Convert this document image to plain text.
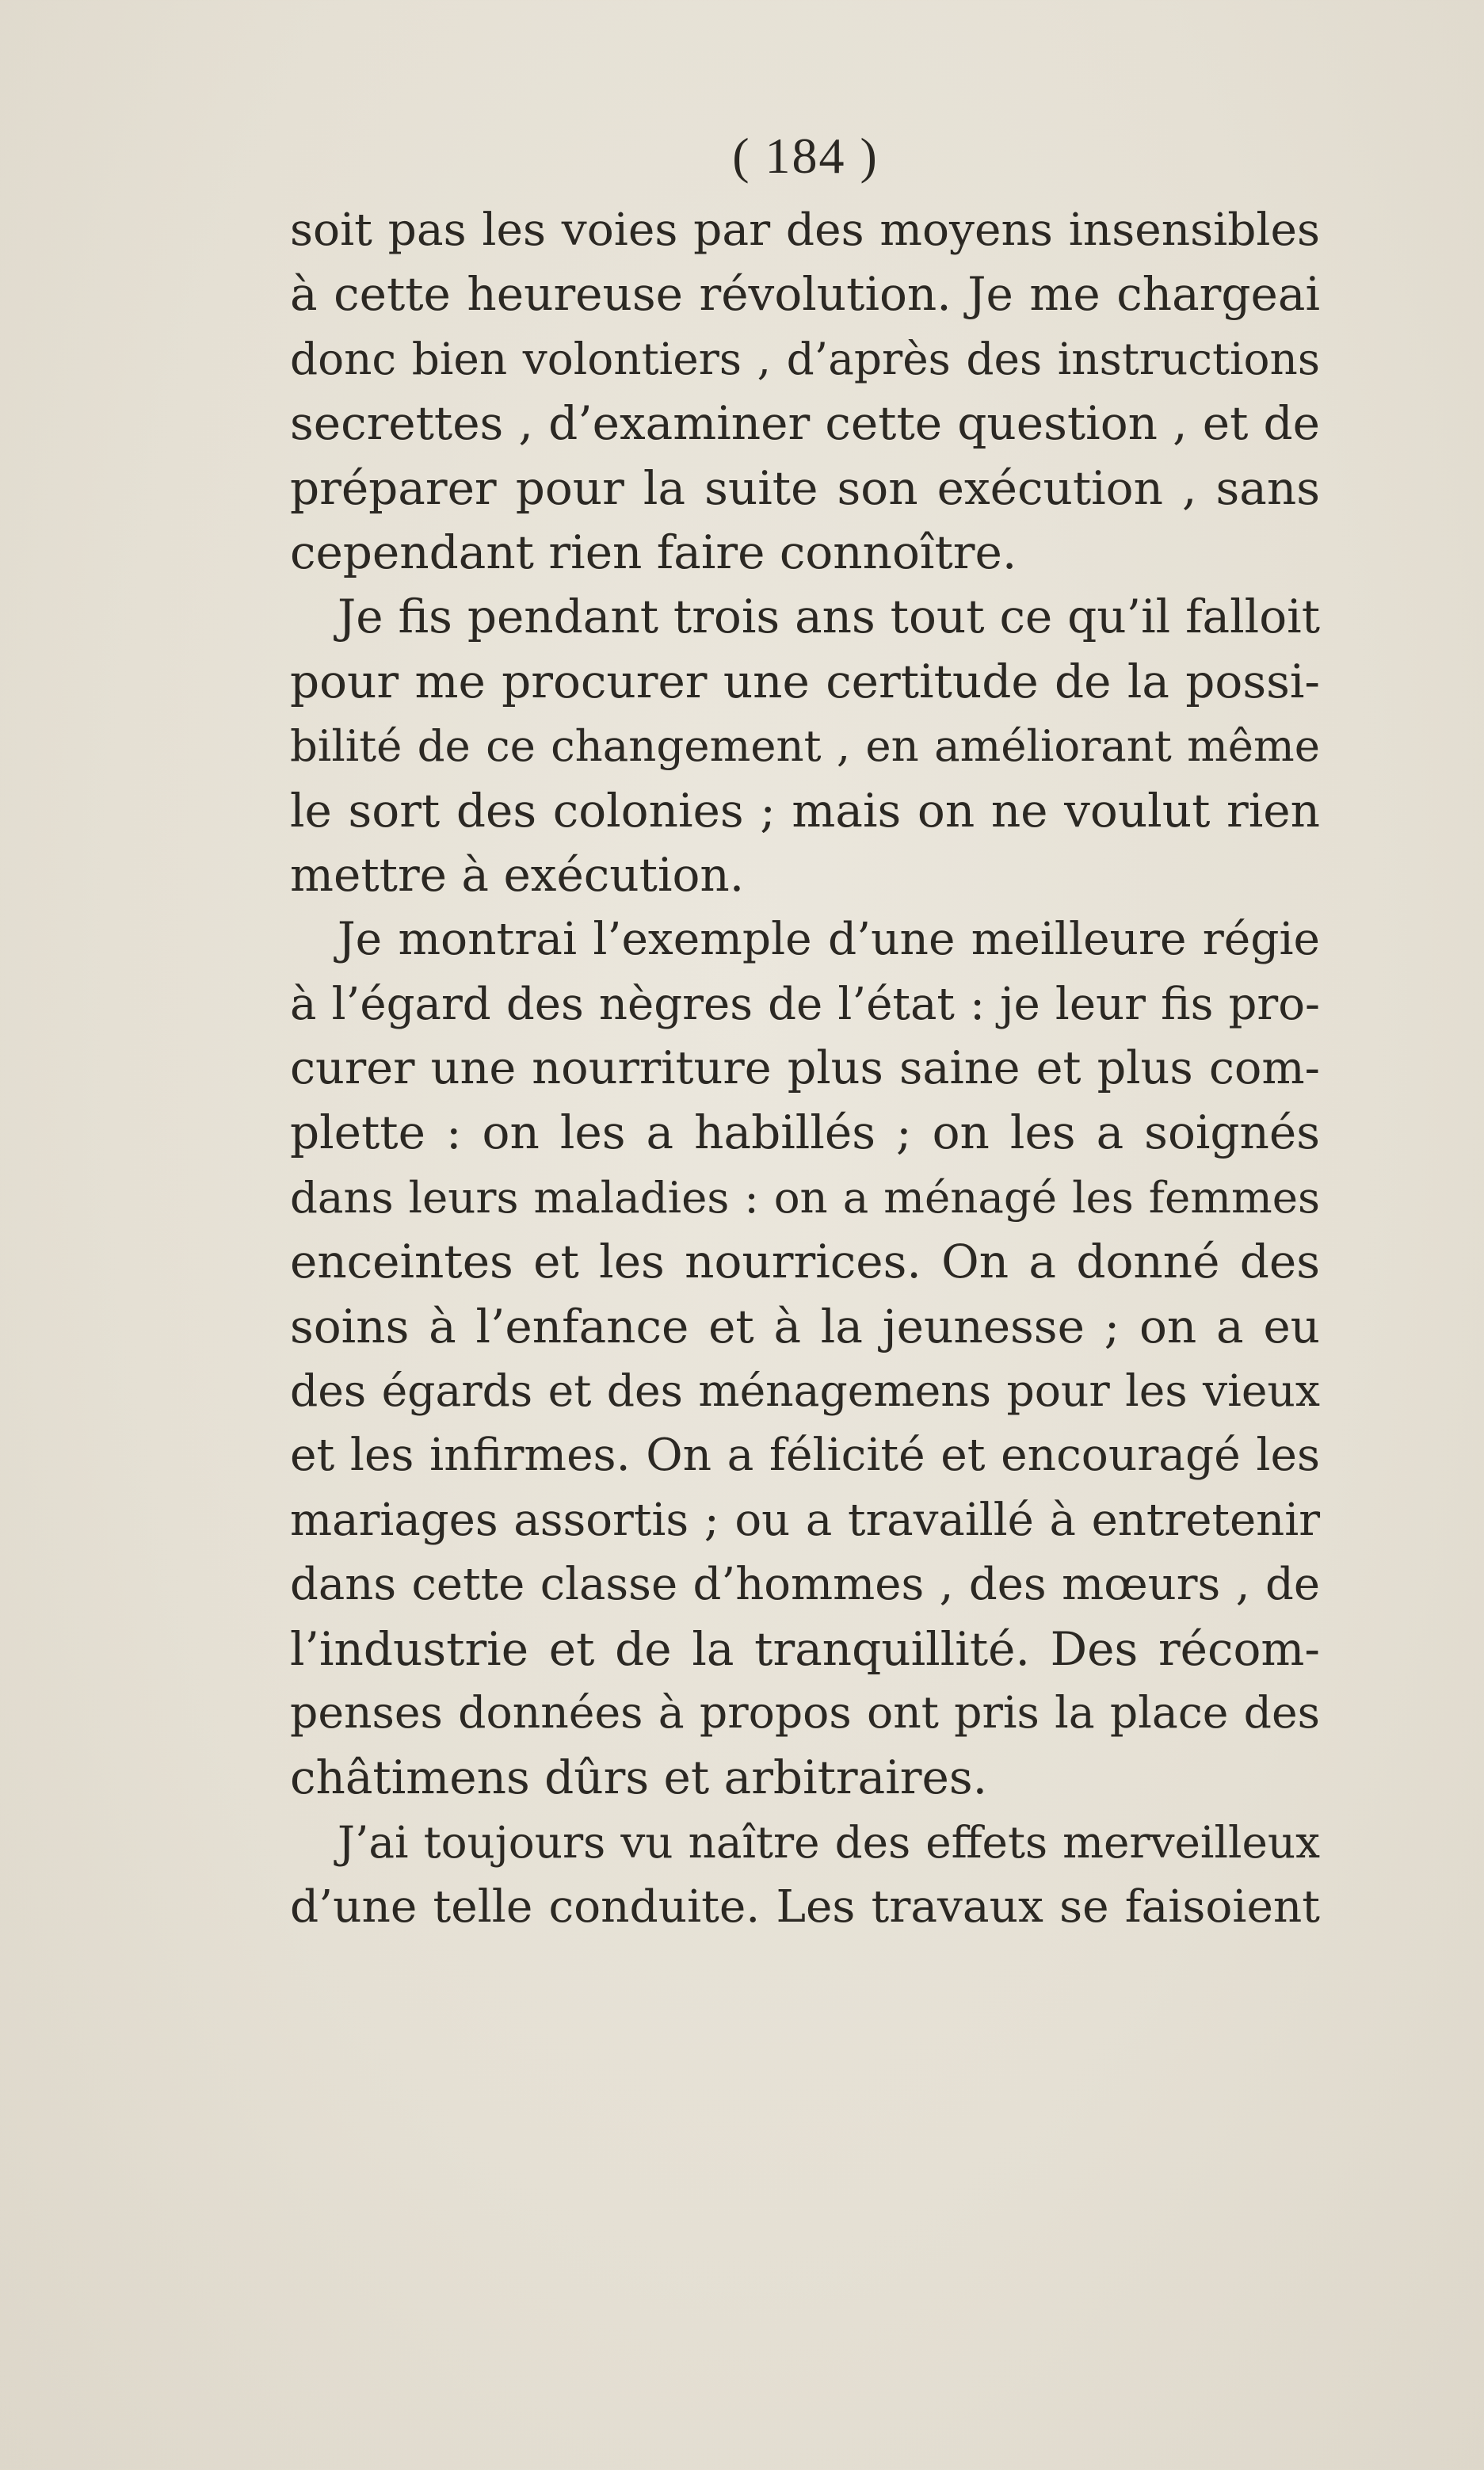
( 184 )
soit pas les voies par des moyens insensibles
à cette heureuse révolution. Je me chargeai
donc bien volontiers , d’après des instructions
secrettes , d’examiner cette question , et de
préparer pour la suite son exécution , sans
cependant rien faire connoître.
Je fis pendant trois ans tout ce qu’il falloit
pour me procurer une certitude de la possi-
bilité de ce changement , en améliorant même
le sort des colonies ; mais on ne voulut rien
mettre à exécution.
Je montrai l’exemple d’une meilleure régie
à l’égard des nègres de l’état : je leur fis pro-
curer une nourriture plus saine et plus com-
plette : on les a habillés ; on les a soignés
dans leurs maladies : on a ménagé les femmes
enceintes et les nourrices. On a donné des
soins à l’enfance et à la jeunesse ; on a eu
des égards et des ménagemens pour les vieux
et les infirmes. On a félicité et encouragé les
mariages assortis ; ou a travaillé à entretenir
dans cette classe d’hommes , des mœurs , de
l’industrie et de la tranquillité. Des récom-
penses données à propos ont pris la place des
châtimens dûrs et arbitraires.
J’ai toujours vu naître des effets merveilleux
d’une telle conduite. Les travaux se faisoient
